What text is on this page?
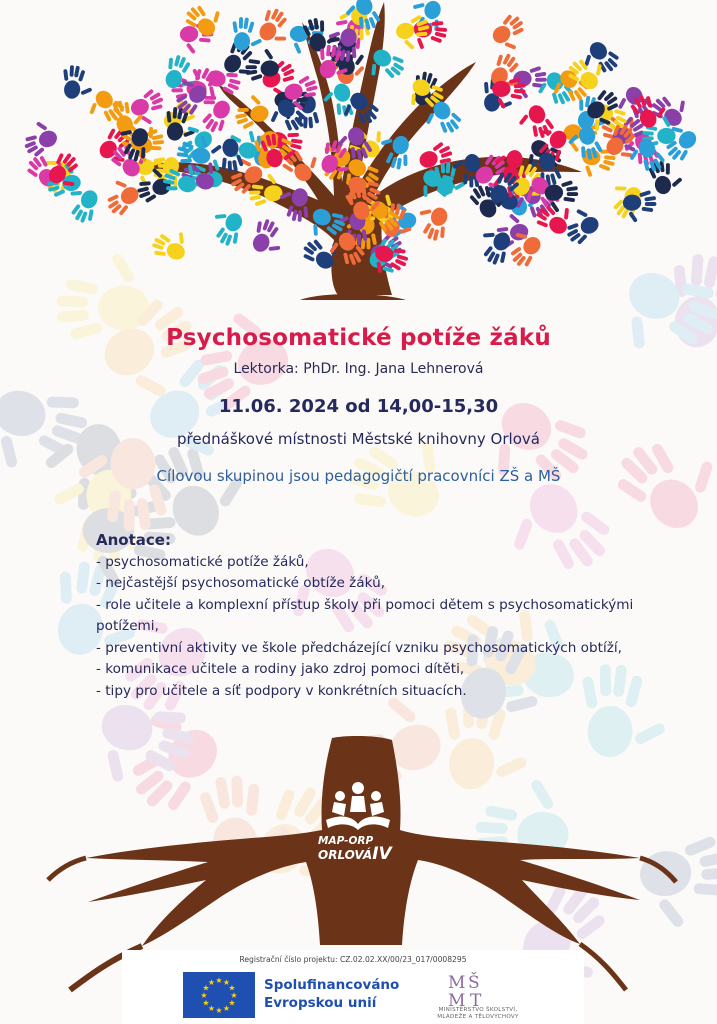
Psychosomatické potíže žáků
Lektorka: PhDr. Ing. Jana Lehnerová
11.06. 2024 od 14,00-15,30
přednáškové místnosti Městské knihovny Orlová
Cílovou skupinou jsou pedagogičtí pracovníci ZŠ a MŠ
Anotace:
- psychosomatické potíže žáků,
- nejčastější psychosomatické obtíže žáků,
- role učitele a komplexní přístup školy při pomoci dětem s psychosomatickými potížemi,
- preventivní aktivity ve škole předcházející vzniku psychosomatických obtíží,
- komunikace učitele a rodiny jako zdroj pomoci dítěti,
- tipy pro učitele a síť podpory v konkrétních situacích.
MAP-ORP
ORLOVÁIV
Registrační číslo projektu: CZ.02.02.XX/00/23_017/0008295
★
★
★
★
★
★
★
★
★ ★ ★
★ Spolufinancováno
Evropskou unií
M Š
M T
MINISTERSTVO ŠKOLSTVÍ,
MLÁDEŽE A TĚLOVÝCHOVY
